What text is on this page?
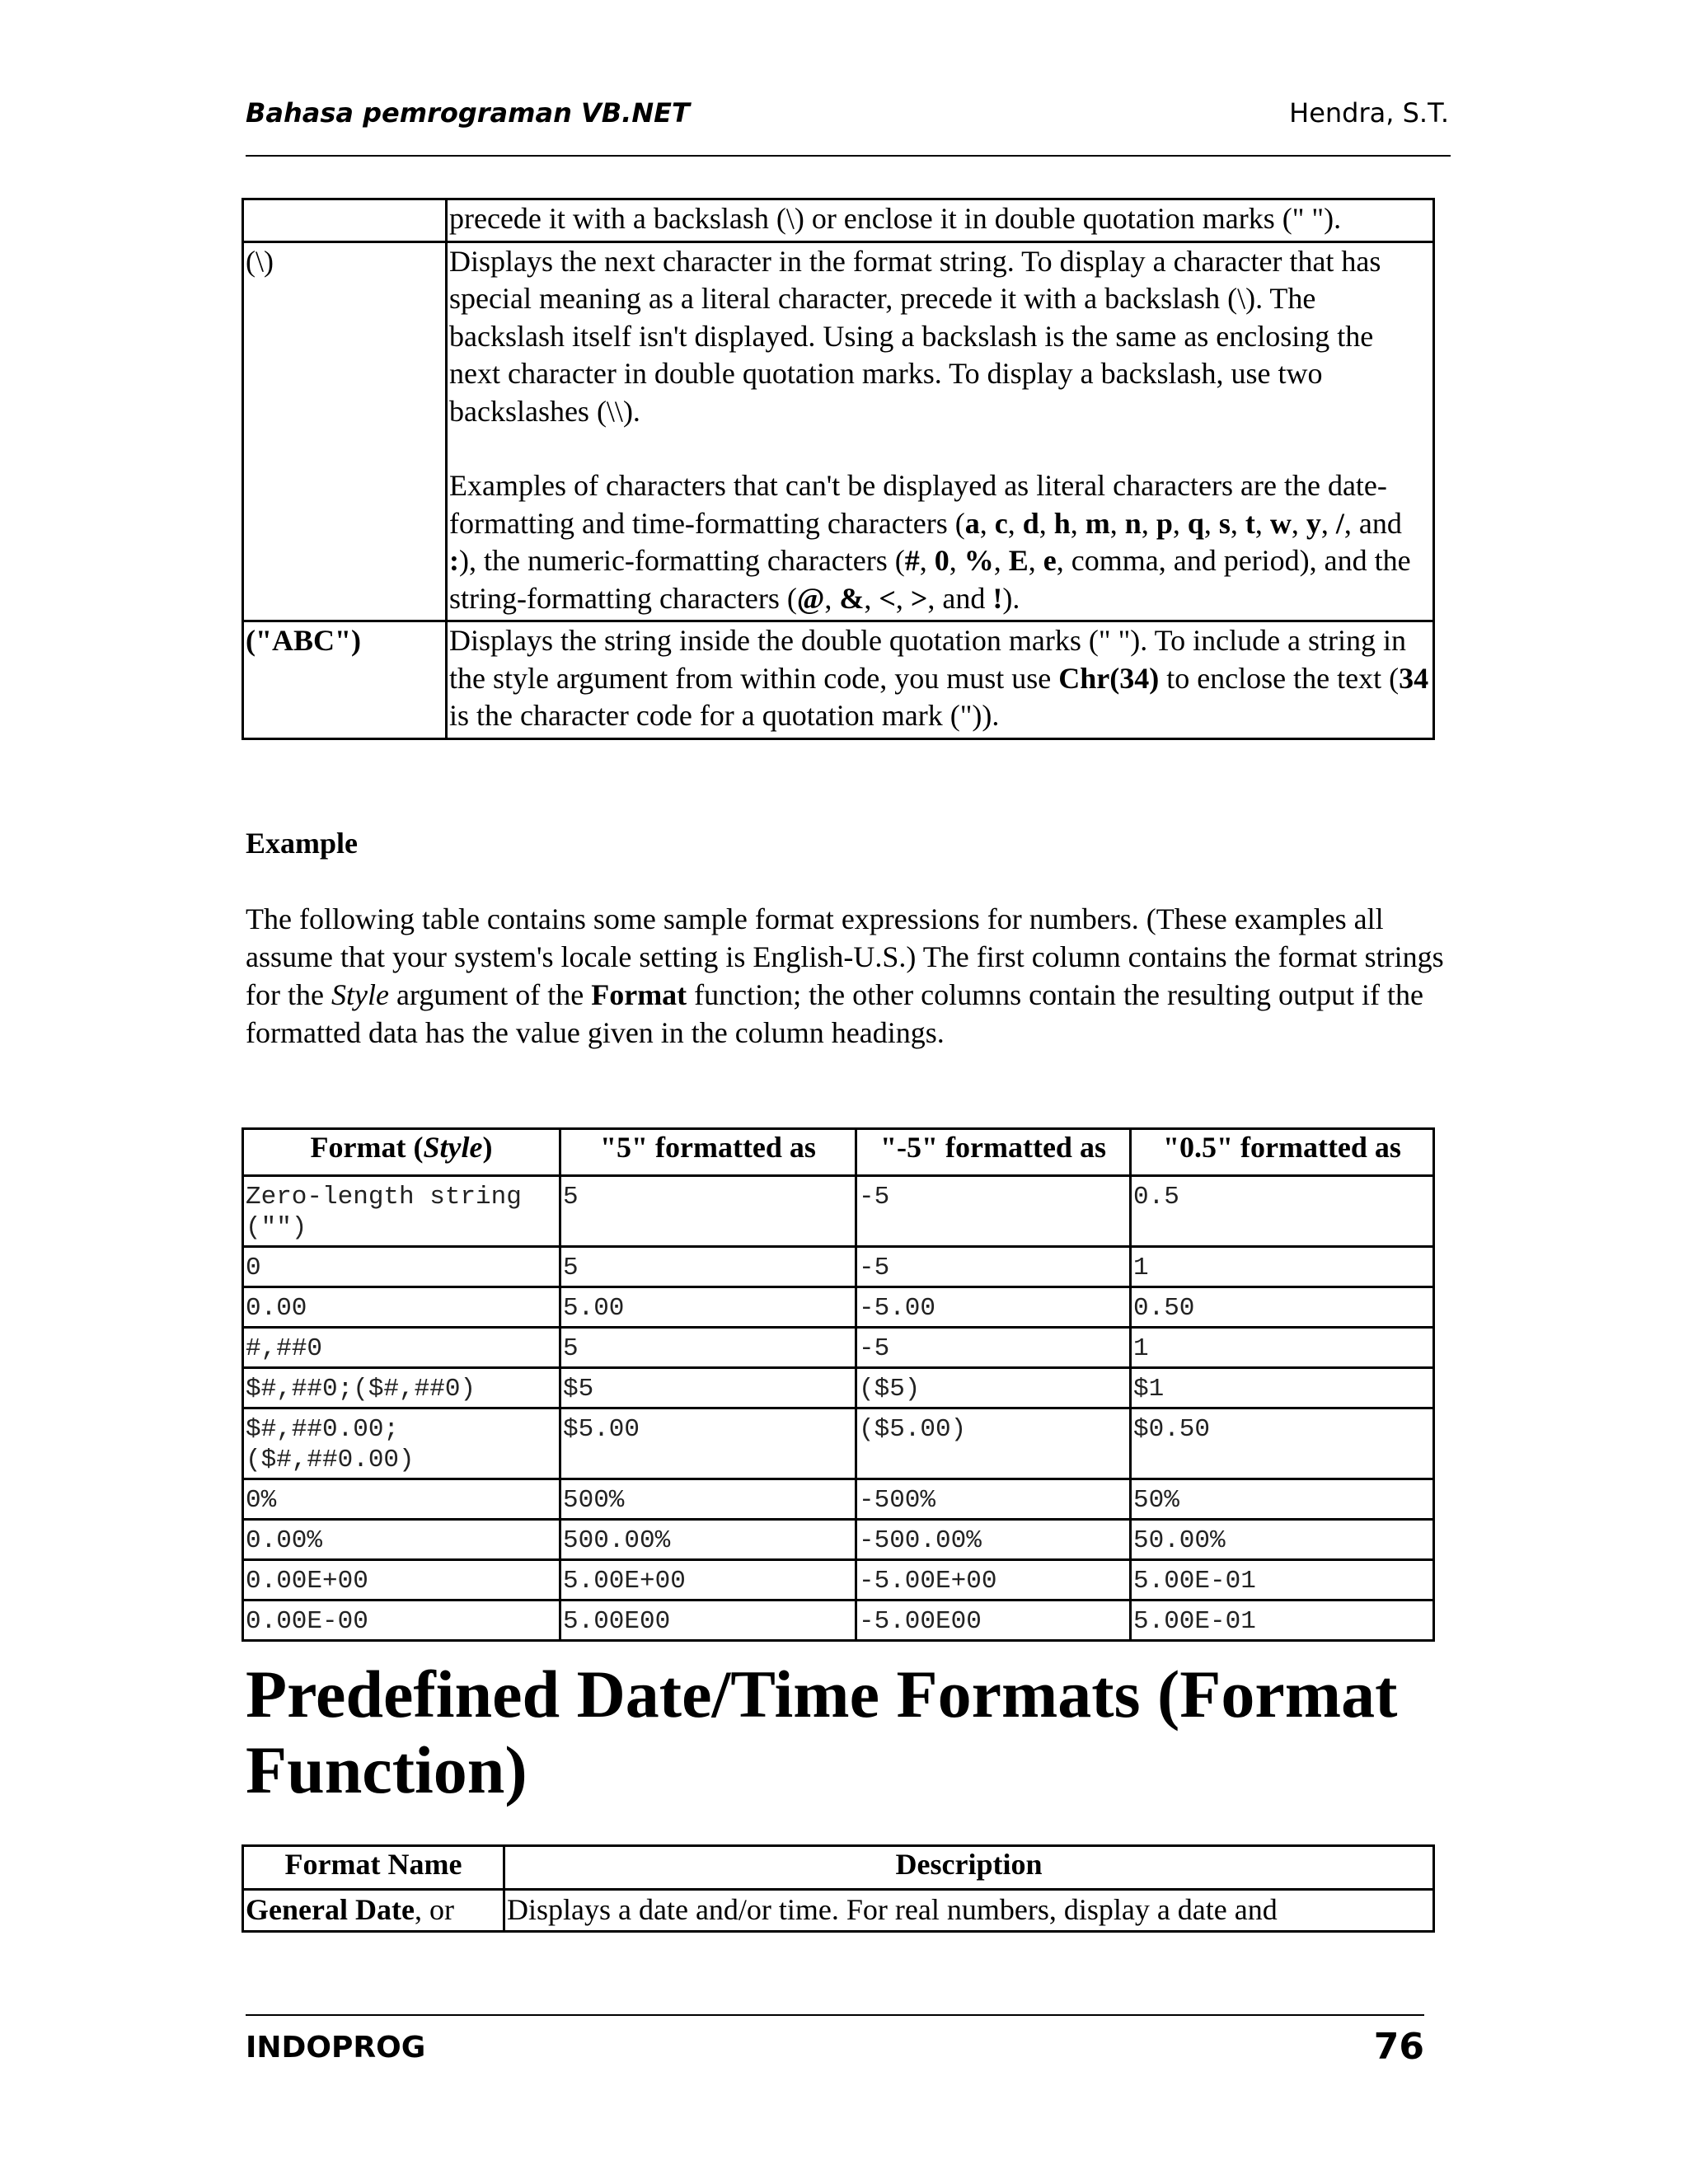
Bahasa pemrograman VB.NET	Hendra, S.T.
	precede it with a backslash (\) or enclose it in double quotation marks (" ").
(\)	Displays the next character in the format string. To display a character that has special meaning as a literal character, precede it with a backslash (\). The backslash itself isn't displayed. Using a backslash is the same as enclosing the next character in double quotation marks. To display a backslash, use two backslashes (\\).

Examples of characters that can't be displayed as literal characters are the date-formatting and time-formatting characters (a, c, d, h, m, n, p, q, s, t, w, y, /, and :), the numeric-formatting characters (#, 0, %, E, e, comma, and period), and the string-formatting characters (@, &, <, >, and !).

("ABC")	Displays the string inside the double quotation marks (" "). To include a string in the style argument from within code, you must use Chr(34) to enclose the text (34 is the character code for a quotation mark (")).
Example

The following table contains some sample format expressions for numbers. (These examples all assume that your system's locale setting is English-U.S.) The first column contains the format strings for the Style argument of the Format function; the other columns contain the resulting output if the formatted data has the value given in the column headings.

Format (Style)	"5" formatted as	"-5" formatted as	"0.5" formatted as
Zero-length string ("")	5	-5	0.5
0	5	-5	1
0.00	5.00	-5.00	0.50
#,##0	5	-5	1
$#,##0;($#,##0)	$5	($5)	$1
$#,##0.00;($#,##0.00)	$5.00	($5.00)	$0.50
0%	500%	-500%	50%
0.00%	500.00%	-500.00%	50.00%
0.00E+00	5.00E+00	-5.00E+00	5.00E-01
0.00E-00	5.00E00	-5.00E00	5.00E-01
Predefined Date/Time Formats (Format Function)
Format Name	Description
General Date, or	Displays a date and/or time. For real numbers, display a date and
INDOPROG	76
